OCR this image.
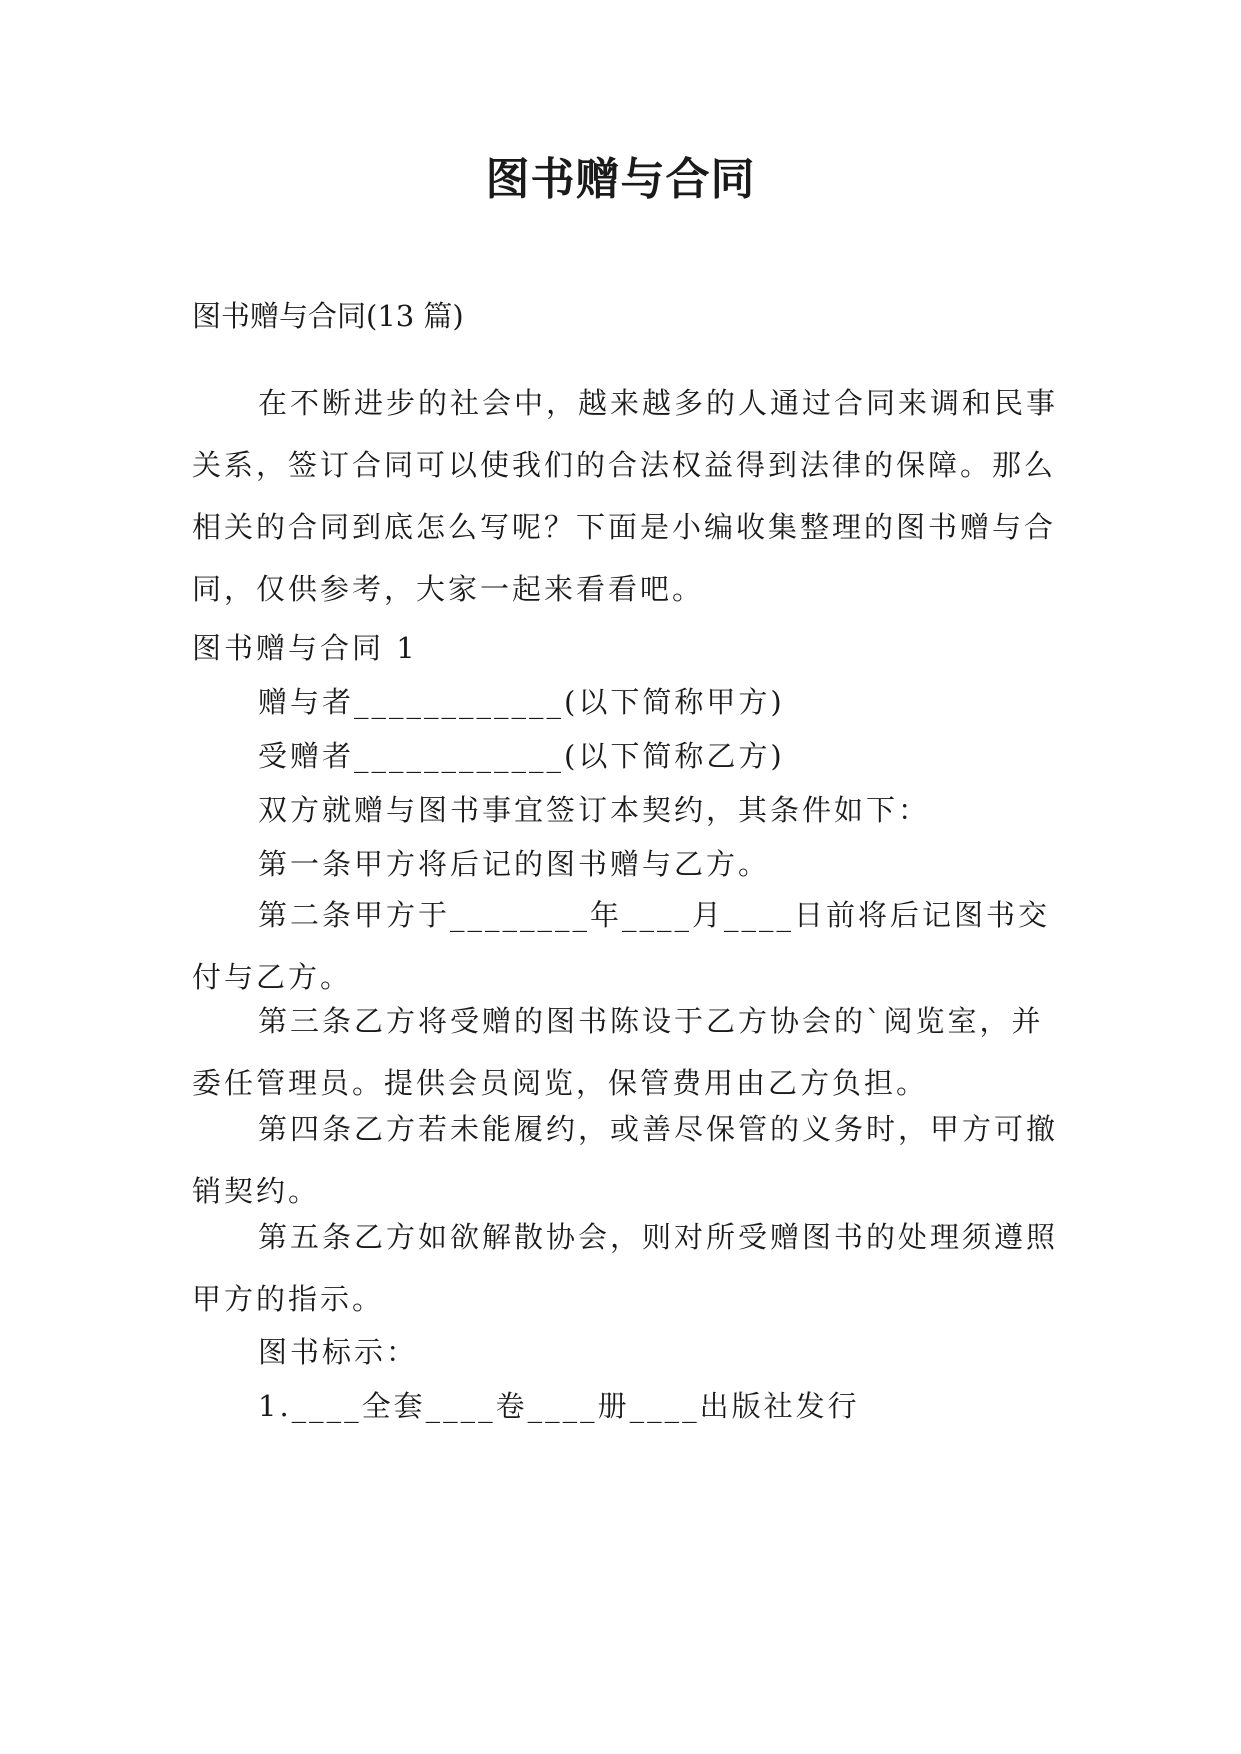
图书赠与合同
图书赠与合同(13 篇)
在不断进步的社会中，越来越多的人通过合同来调和民事关系，签订合同可以使我们的合法权益得到法律的保障。那么相关的合同到底怎么写呢？下面是小编收集整理的图书赠与合同，仅供参考，大家一起来看看吧。
图书赠与合同 1
赠与者____________(以下简称甲方)
受赠者____________(以下简称乙方)
双方就赠与图书事宜签订本契约，其条件如下：
第一条甲方将后记的图书赠与乙方。
第二条甲方于________年____月____日前将后记图书交付与乙方。
第三条乙方将受赠的图书陈设于乙方协会的`阅览室，并委任管理员。提供会员阅览，保管费用由乙方负担。
第四条乙方若未能履约，或善尽保管的义务时，甲方可撤销契约。
第五条乙方如欲解散协会，则对所受赠图书的处理须遵照甲方的指示。
图书标示：
1.____全套____卷____册____出版社发行
